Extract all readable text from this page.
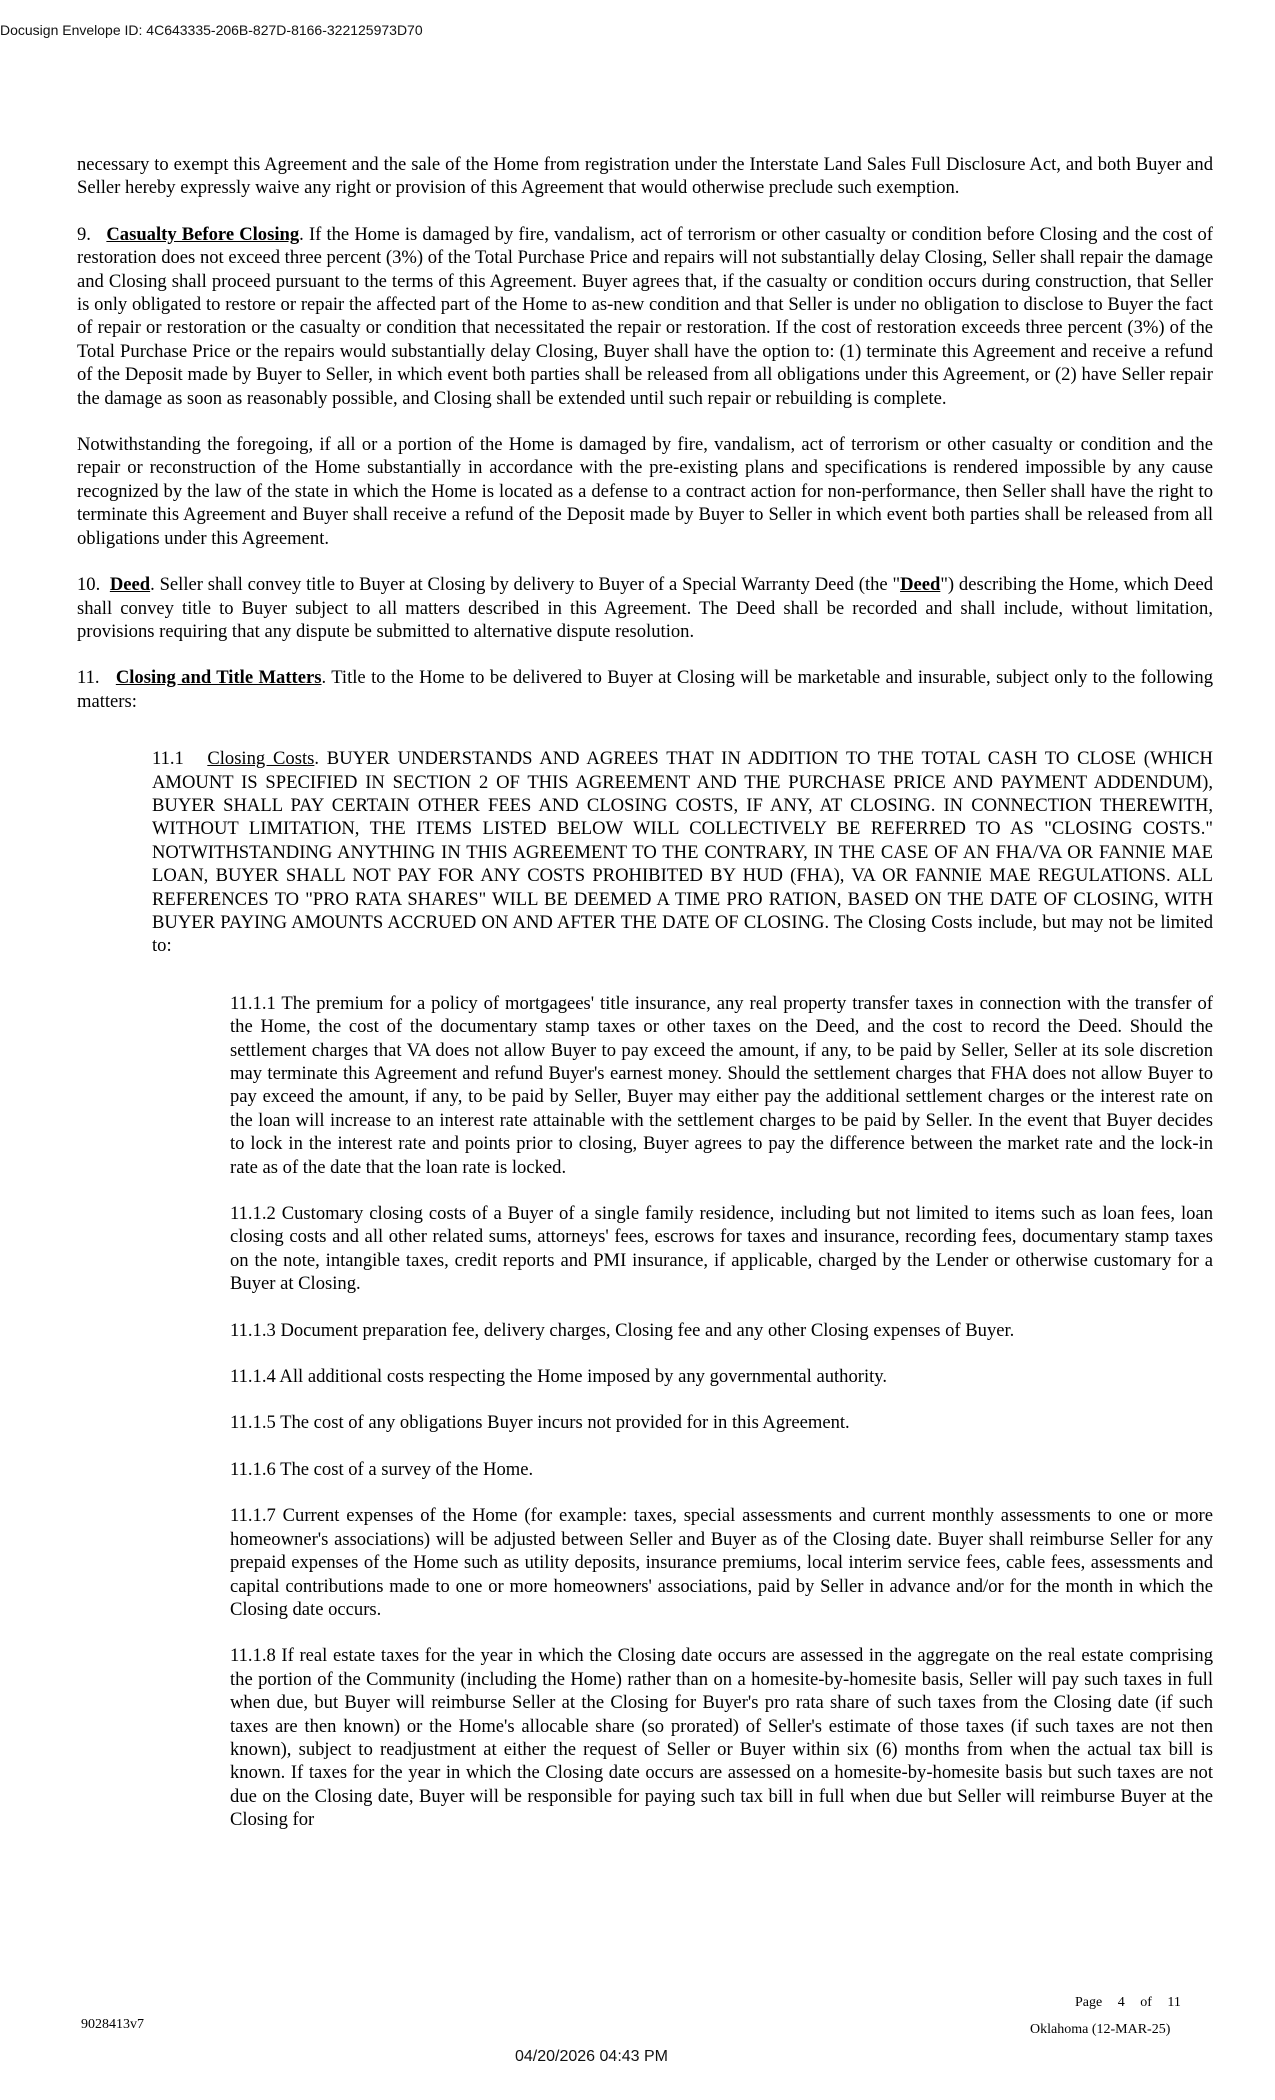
Docusign Envelope ID: 4C643335-206B-827D-8166-322125973D70

necessary to exempt this Agreement and the sale of the Home from registration under the Interstate Land Sales Full Disclosure Act, and both Buyer and Seller hereby expressly waive any right or provision of this Agreement that would otherwise preclude such exemption.

9. Casualty Before Closing. If the Home is damaged by fire, vandalism, act of terrorism or other casualty or condition before Closing and the cost of restoration does not exceed three percent (3%) of the Total Purchase Price and repairs will not substantially delay Closing, Seller shall repair the damage and Closing shall proceed pursuant to the terms of this Agreement. Buyer agrees that, if the casualty or condition occurs during construction, that Seller is only obligated to restore or repair the affected part of the Home to as-new condition and that Seller is under no obligation to disclose to Buyer the fact of repair or restoration or the casualty or condition that necessitated the repair or restoration. If the cost of restoration exceeds three percent (3%) of the Total Purchase Price or the repairs would substantially delay Closing, Buyer shall have the option to: (1) terminate this Agreement and receive a refund of the Deposit made by Buyer to Seller, in which event both parties shall be released from all obligations under this Agreement, or (2) have Seller repair the damage as soon as reasonably possible, and Closing shall be extended until such repair or rebuilding is complete.

Notwithstanding the foregoing, if all or a portion of the Home is damaged by fire, vandalism, act of terrorism or other casualty or condition and the repair or reconstruction of the Home substantially in accordance with the pre-existing plans and specifications is rendered impossible by any cause recognized by the law of the state in which the Home is located as a defense to a contract action for non-performance, then Seller shall have the right to terminate this Agreement and Buyer shall receive a refund of the Deposit made by Buyer to Seller in which event both parties shall be released from all obligations under this Agreement.

10. Deed. Seller shall convey title to Buyer at Closing by delivery to Buyer of a Special Warranty Deed (the "Deed") describing the Home, which Deed shall convey title to Buyer subject to all matters described in this Agreement. The Deed shall be recorded and shall include, without limitation, provisions requiring that any dispute be submitted to alternative dispute resolution.

11. Closing and Title Matters. Title to the Home to be delivered to Buyer at Closing will be marketable and insurable, subject only to the following matters:

11.1 Closing Costs. BUYER UNDERSTANDS AND AGREES THAT IN ADDITION TO THE TOTAL CASH TO CLOSE (WHICH AMOUNT IS SPECIFIED IN SECTION 2 OF THIS AGREEMENT AND THE PURCHASE PRICE AND PAYMENT ADDENDUM), BUYER SHALL PAY CERTAIN OTHER FEES AND CLOSING COSTS, IF ANY, AT CLOSING. IN CONNECTION THEREWITH, WITHOUT LIMITATION, THE ITEMS LISTED BELOW WILL COLLECTIVELY BE REFERRED TO AS "CLOSING COSTS." NOTWITHSTANDING ANYTHING IN THIS AGREEMENT TO THE CONTRARY, IN THE CASE OF AN FHA/VA OR FANNIE MAE LOAN, BUYER SHALL NOT PAY FOR ANY COSTS PROHIBITED BY HUD (FHA), VA OR FANNIE MAE REGULATIONS. ALL REFERENCES TO "PRO RATA SHARES" WILL BE DEEMED A TIME PRO RATION, BASED ON THE DATE OF CLOSING, WITH BUYER PAYING AMOUNTS ACCRUED ON AND AFTER THE DATE OF CLOSING. The Closing Costs include, but may not be limited to:

11.1.1 The premium for a policy of mortgagees' title insurance, any real property transfer taxes in connection with the transfer of the Home, the cost of the documentary stamp taxes or other taxes on the Deed, and the cost to record the Deed. Should the settlement charges that VA does not allow Buyer to pay exceed the amount, if any, to be paid by Seller, Seller at its sole discretion may terminate this Agreement and refund Buyer's earnest money. Should the settlement charges that FHA does not allow Buyer to pay exceed the amount, if any, to be paid by Seller, Buyer may either pay the additional settlement charges or the interest rate on the loan will increase to an interest rate attainable with the settlement charges to be paid by Seller. In the event that Buyer decides to lock in the interest rate and points prior to closing, Buyer agrees to pay the difference between the market rate and the lock-in rate as of the date that the loan rate is locked.

11.1.2 Customary closing costs of a Buyer of a single family residence, including but not limited to items such as loan fees, loan closing costs and all other related sums, attorneys' fees, escrows for taxes and insurance, recording fees, documentary stamp taxes on the note, intangible taxes, credit reports and PMI insurance, if applicable, charged by the Lender or otherwise customary for a Buyer at Closing.

11.1.3 Document preparation fee, delivery charges, Closing fee and any other Closing expenses of Buyer.

11.1.4 All additional costs respecting the Home imposed by any governmental authority.

11.1.5 The cost of any obligations Buyer incurs not provided for in this Agreement.

11.1.6 The cost of a survey of the Home.

11.1.7 Current expenses of the Home (for example: taxes, special assessments and current monthly assessments to one or more homeowner's associations) will be adjusted between Seller and Buyer as of the Closing date. Buyer shall reimburse Seller for any prepaid expenses of the Home such as utility deposits, insurance premiums, local interim service fees, cable fees, assessments and capital contributions made to one or more homeowners' associations, paid by Seller in advance and/or for the month in which the Closing date occurs.

11.1.8 If real estate taxes for the year in which the Closing date occurs are assessed in the aggregate on the real estate comprising the portion of the Community (including the Home) rather than on a homesite-by-homesite basis, Seller will pay such taxes in full when due, but Buyer will reimburse Seller at the Closing for Buyer's pro rata share of such taxes from the Closing date (if such taxes are then known) or the Home's allocable share (so prorated) of Seller's estimate of those taxes (if such taxes are not then known), subject to readjustment at either the request of Seller or Buyer within six (6) months from when the actual tax bill is known. If taxes for the year in which the Closing date occurs are assessed on a homesite-by-homesite basis but such taxes are not due on the Closing date, Buyer will be responsible for paying such tax bill in full when due but Seller will reimburse Buyer at the Closing for

9028413v7
Page 4 of 11
Oklahoma (12-MAR-25)
04/20/2026 04:43 PM
